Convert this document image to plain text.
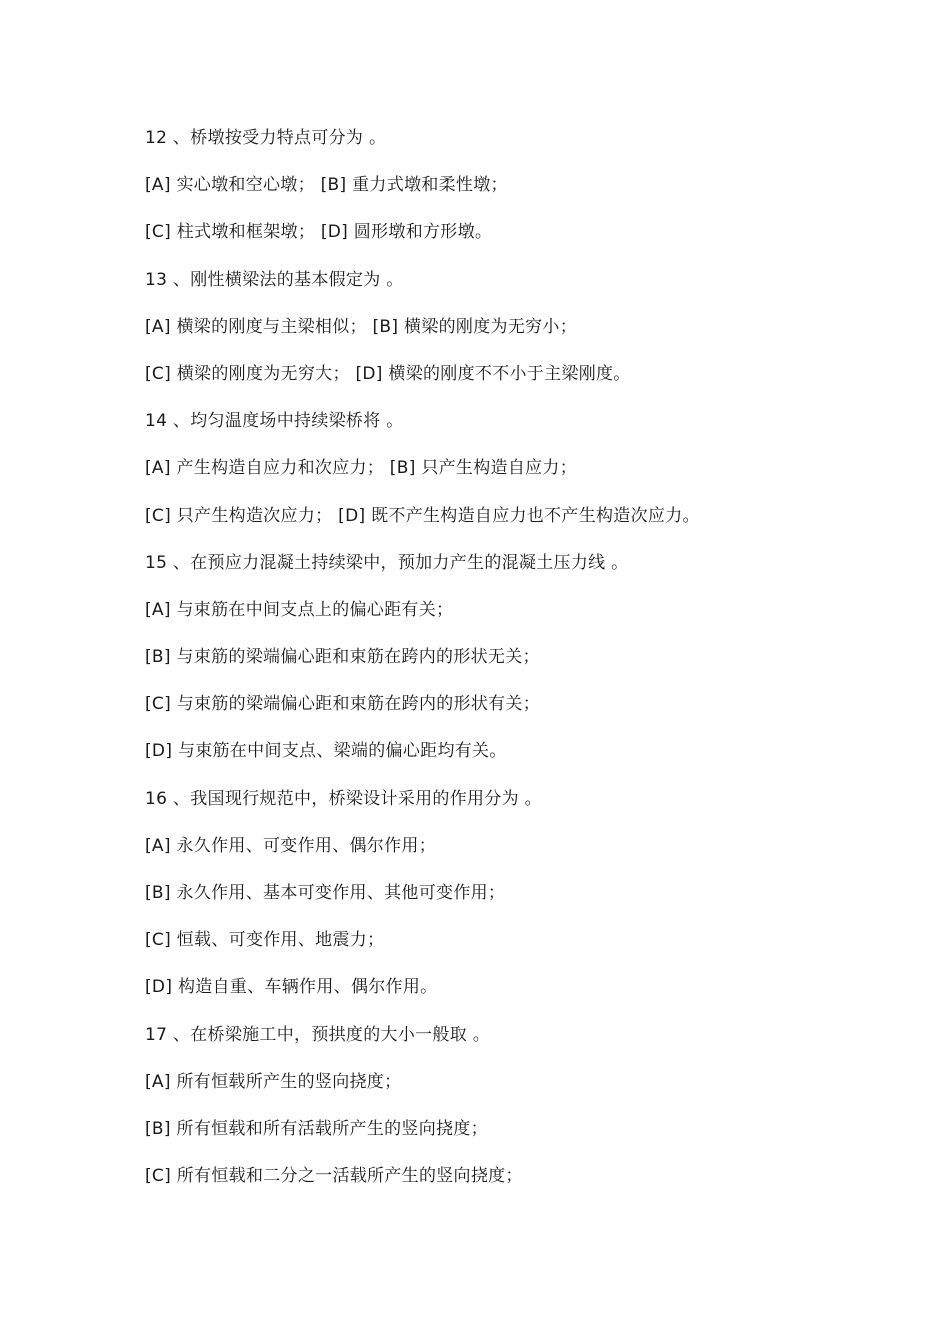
12 、桥墩按受力特点可分为 。
[A] 实心墩和空心墩； [B] 重力式墩和柔性墩；
[C] 柱式墩和框架墩； [D] 圆形墩和方形墩。
13 、刚性横梁法的基本假定为 。
[A] 横梁的刚度与主梁相似； [B] 横梁的刚度为无穷小；
[C] 横梁的刚度为无穷大； [D] 横梁的刚度不不小于主梁刚度。
14 、均匀温度场中持续梁桥将 。
[A] 产生构造自应力和次应力； [B] 只产生构造自应力；
[C] 只产生构造次应力； [D] 既不产生构造自应力也不产生构造次应力。
15 、在预应力混凝土持续梁中，预加力产生的混凝土压力线 。
[A] 与束筋在中间支点上的偏心距有关；
[B] 与束筋的梁端偏心距和束筋在跨内的形状无关；
[C] 与束筋的梁端偏心距和束筋在跨内的形状有关；
[D] 与束筋在中间支点、梁端的偏心距均有关。
16 、我国现行规范中，桥梁设计采用的作用分为 。
[A] 永久作用、可变作用、偶尔作用；
[B] 永久作用、基本可变作用、其他可变作用；
[C] 恒载、可变作用、地震力；
[D] 构造自重、车辆作用、偶尔作用。
17 、在桥梁施工中，预拱度的大小一般取 。
[A] 所有恒载所产生的竖向挠度；
[B] 所有恒载和所有活载所产生的竖向挠度；
[C] 所有恒载和二分之一活载所产生的竖向挠度；
